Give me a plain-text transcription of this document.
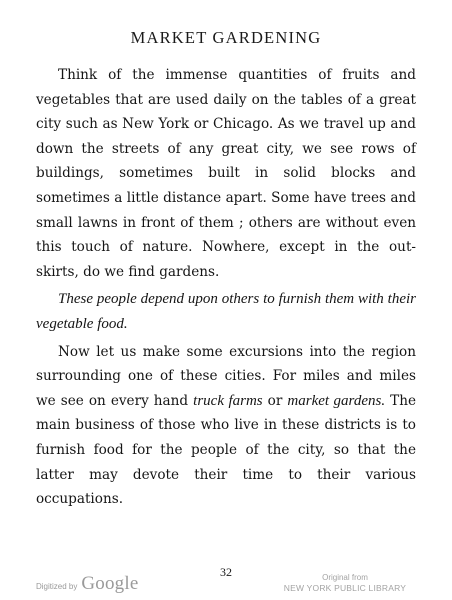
MARKET GARDENING

Think of the immense quantities of fruits and vegetables that are used daily on the tables of a great city such as New York or Chicago. As we travel up and down the streets of any great city, we see rows of buildings, sometimes built in solid blocks and sometimes a little distance apart. Some have trees and small lawns in front of them ; others are without even this touch of nature. Nowhere, except in the out-skirts, do we find gardens.

These people depend upon others to furnish them with their vegetable food.

Now let us make some excursions into the region surrounding one of these cities. For miles and miles we see on every hand truck farms or market gardens. The main business of those who live in these districts is to furnish food for the people of the city, so that the latter may devote their time to their various occupations.

32
Digitized by Google	Original from
NEW YORK PUBLIC LIBRARY
